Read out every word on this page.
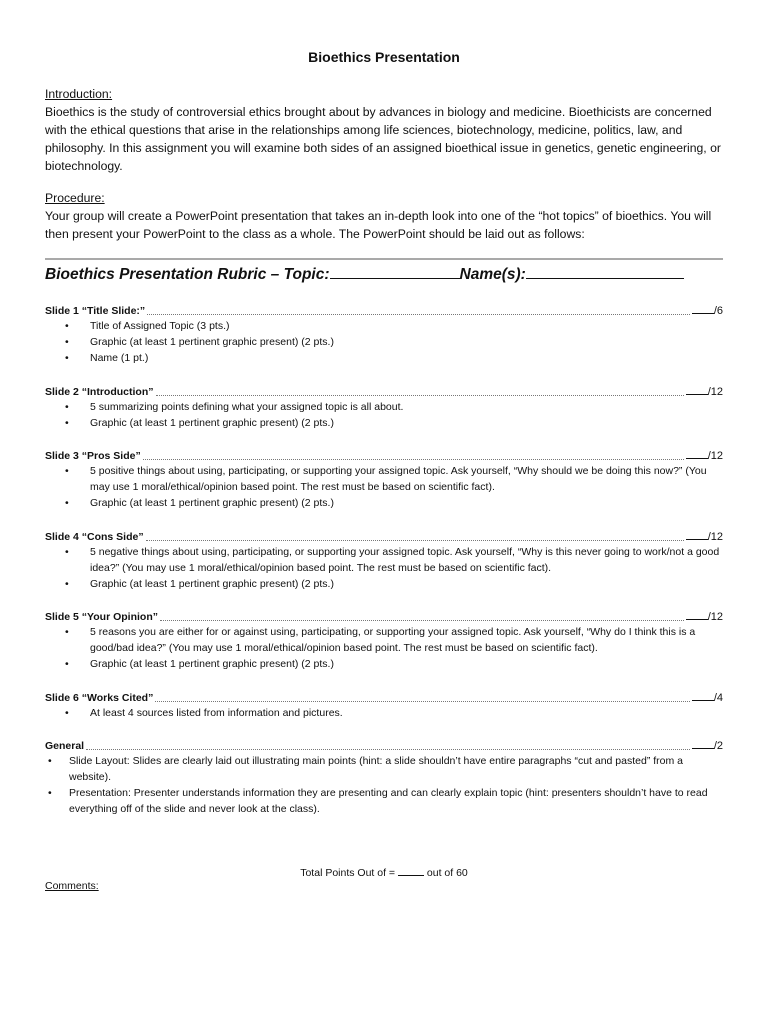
Bioethics Presentation
Introduction:
Bioethics is the study of controversial ethics brought about by advances in biology and medicine. Bioethicists are concerned with the ethical questions that arise in the relationships among life sciences, biotechnology, medicine, politics, law, and philosophy. In this assignment you will examine both sides of an assigned bioethical issue in genetics, genetic engineering, or biotechnology.
Procedure:
Your group will create a PowerPoint presentation that takes an in-depth look into one of the “hot topics” of bioethics. You will then present your PowerPoint to the class as a whole. The PowerPoint should be laid out as follows:
Bioethics Presentation Rubric – Topic:	Name(s):
Slide 1 “Title Slide:”	/6
• Title of Assigned Topic (3 pts.)
• Graphic (at least 1 pertinent graphic present) (2 pts.)
• Name (1 pt.)
Slide 2 “Introduction”	/12
• 5 summarizing points defining what your assigned topic is all about.
• Graphic (at least 1 pertinent graphic present) (2 pts.)
Slide 3 “Pros Side”	/12
• 5 positive things about using, participating, or supporting your assigned topic. Ask yourself, “Why should we be doing this now?” (You may use 1 moral/ethical/opinion based point. The rest must be based on scientific fact).
• Graphic (at least 1 pertinent graphic present) (2 pts.)
Slide 4 “Cons Side”	/12
• 5 negative things about using, participating, or supporting your assigned topic. Ask yourself, “Why is this never going to work/not a good idea?” (You may use 1 moral/ethical/opinion based point. The rest must be based on scientific fact).
• Graphic (at least 1 pertinent graphic present) (2 pts.)
Slide 5 “Your Opinion”	/12
• 5 reasons you are either for or against using, participating, or supporting your assigned topic. Ask yourself, “Why do I think this is a good/bad idea?” (You may use 1 moral/ethical/opinion based point. The rest must be based on scientific fact).
• Graphic (at least 1 pertinent graphic present) (2 pts.)
Slide 6 “Works Cited”	/4
• At least 4 sources listed from information and pictures.
General	/2
• Slide Layout: Slides are clearly laid out illustrating main points (hint: a slide shouldn’t have entire paragraphs “cut and pasted” from a website).
• Presentation: Presenter understands information they are presenting and can clearly explain topic (hint: presenters shouldn’t have to read everything off of the slide and never look at the class).
Total Points Out of =  out of 60
Comments:
